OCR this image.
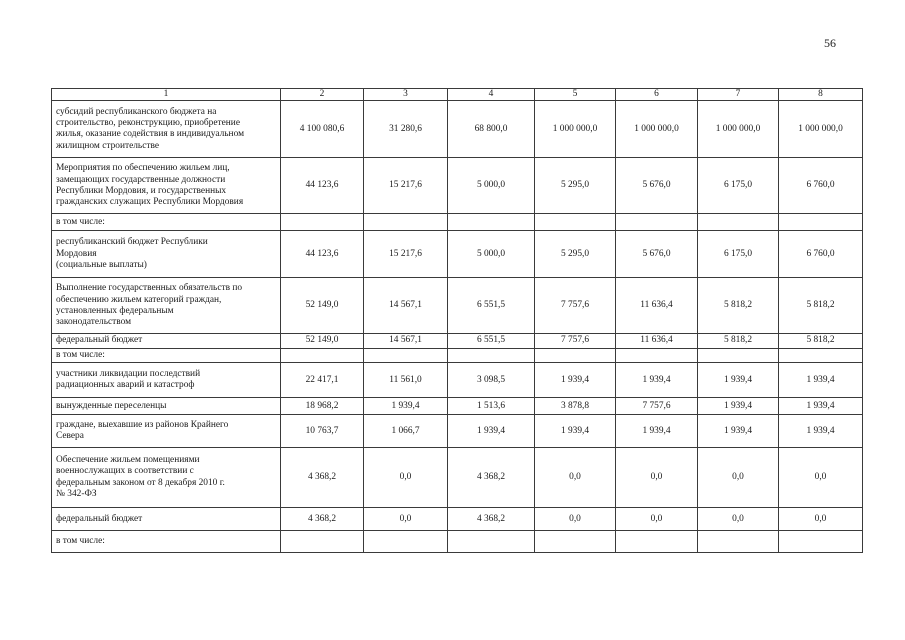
56
1	2	3	4	5	6	7	8
субсидий республиканского бюджета на
строительство, реконструкцию, приобретение
жилья, оказание содействия в индивидуальном
жилищном строительстве	4 100 080,6	31 280,6	68 800,0	1 000 000,0	1 000 000,0	1 000 000,0	1 000 000,0
Мероприятия по обеспечению жильем лиц,
замещающих государственные должности
Республики Мордовия, и государственных
гражданских служащих Республики Мордовия	44 123,6	15 217,6	5 000,0	5 295,0	5 676,0	6 175,0	6 760,0
в том числе:							
республиканский бюджет Республики
Мордовия
(социальные выплаты)	44 123,6	15 217,6	5 000,0	5 295,0	5 676,0	6 175,0	6 760,0
Выполнение государственных обязательств по
обеспечению жильем категорий граждан,
установленных федеральным
законодательством	52 149,0	14 567,1	6 551,5	7 757,6	11 636,4	5 818,2	5 818,2
федеральный бюджет	52 149,0	14 567,1	6 551,5	7 757,6	11 636,4	5 818,2	5 818,2
в том числе:							
участники ликвидации последствий
радиационных аварий и катастроф	22 417,1	11 561,0	3 098,5	1 939,4	1 939,4	1 939,4	1 939,4
вынужденные переселенцы	18 968,2	1 939,4	1 513,6	3 878,8	7 757,6	1 939,4	1 939,4
граждане, выехавшие из районов Крайнего
Севера	10 763,7	1 066,7	1 939,4	1 939,4	1 939,4	1 939,4	1 939,4
Обеспечение жильем помещениями
военнослужащих в соответствии с
федеральным законом от 8 декабря 2010 г.
№ 342-ФЗ	4 368,2	0,0	4 368,2	0,0	0,0	0,0	0,0
федеральный бюджет	4 368,2	0,0	4 368,2	0,0	0,0	0,0	0,0
в том числе:							
